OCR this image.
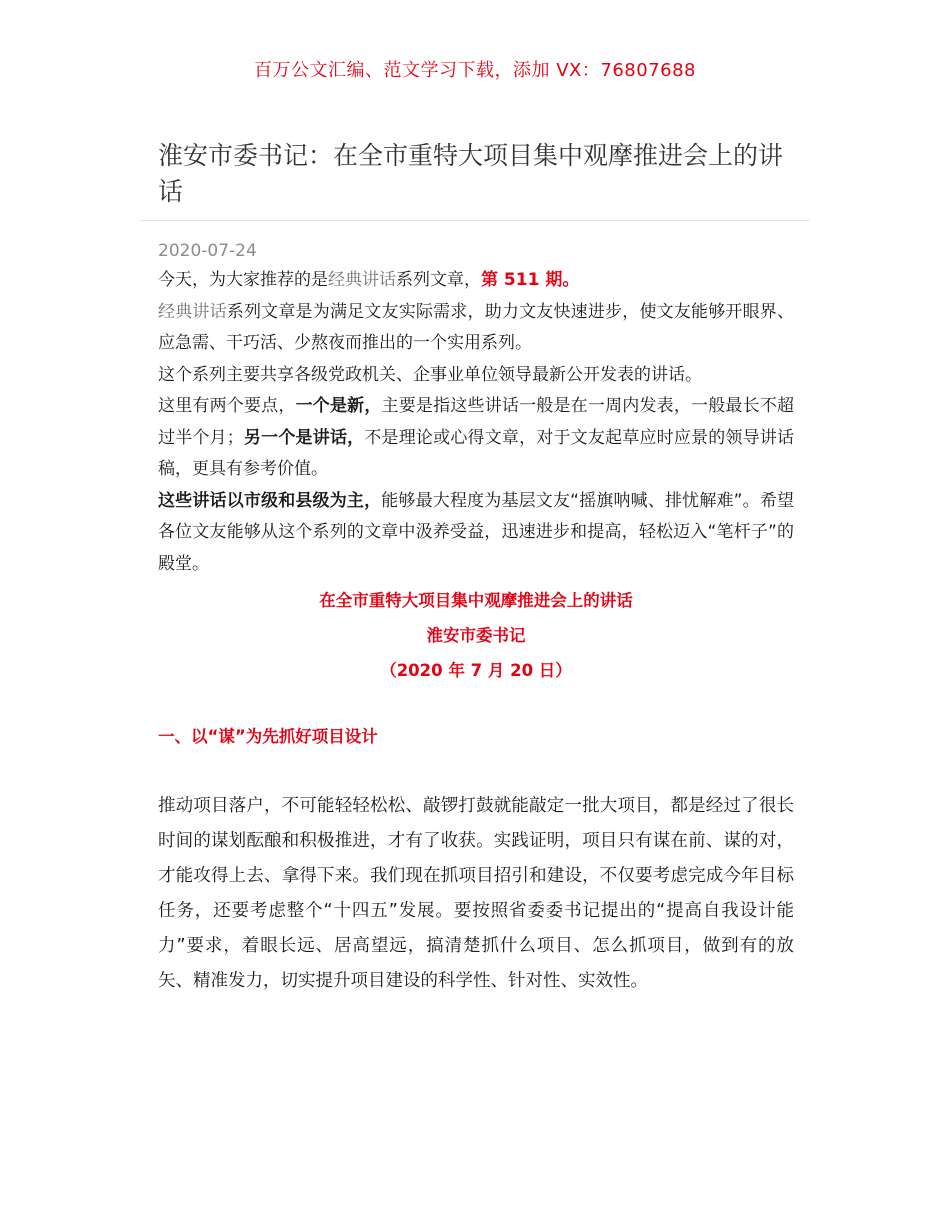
百万公文汇编、范文学习下载，添加 VX：76807688
淮安市委书记：在全市重特大项目集中观摩推进会上的讲话

2020-07-24

今天，为大家推荐的是经典讲话系列文章，第 511 期。

经典讲话系列文章是为满足文友实际需求，助力文友快速进步，使文友能够开眼界、应急需、干巧活、少熬夜而推出的一个实用系列。

这个系列主要共享各级党政机关、企事业单位领导最新公开发表的讲话。

这里有两个要点，一个是新，主要是指这些讲话一般是在一周内发表，一般最长不超过半个月；另一个是讲话，不是理论或心得文章，对于文友起草应时应景的领导讲话稿，更具有参考价值。

这些讲话以市级和县级为主，能够最大程度为基层文友“摇旗呐喊、排忧解难”。希望各位文友能够从这个系列的文章中汲养受益，迅速进步和提高，轻松迈入“笔杆子”的殿堂。

在全市重特大项目集中观摩推进会上的讲话

淮安市委书记

（2020 年 7 月 20 日）

一、以“谋”为先抓好项目设计

推动项目落户，不可能轻轻松松、敲锣打鼓就能敲定一批大项目，都是经过了很长时间的谋划酝酿和积极推进，才有了收获。实践证明，项目只有谋在前、谋的对，才能攻得上去、拿得下来。我们现在抓项目招引和建设，不仅要考虑完成今年目标任务，还要考虑整个“十四五”发展。要按照省委委书记提出的“提高自我设计能力”要求，着眼长远、居高望远，搞清楚抓什么项目、怎么抓项目，做到有的放矢、精准发力，切实提升项目建设的科学性、针对性、实效性。
